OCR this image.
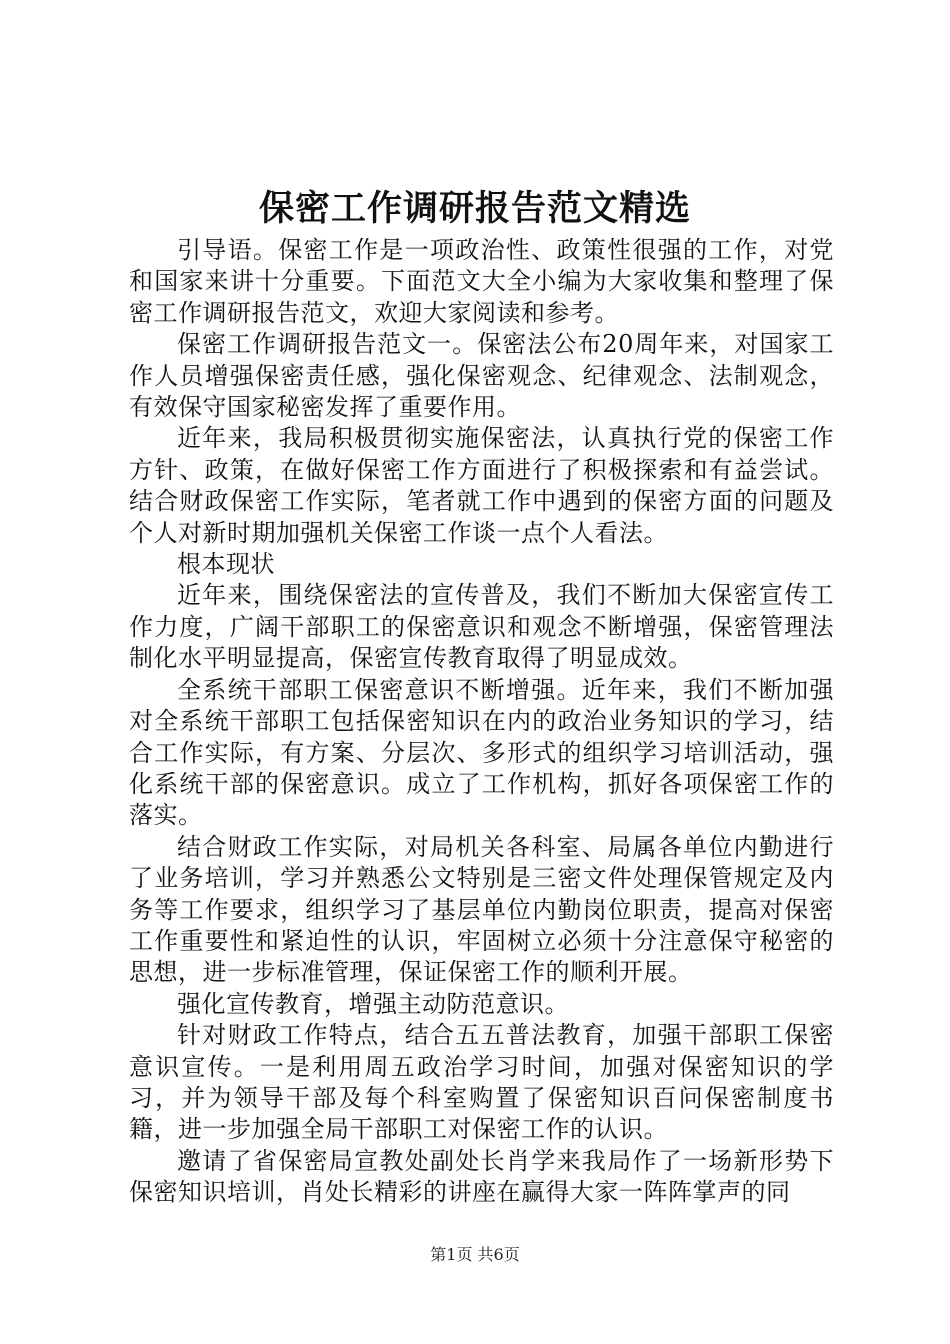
保密工作调研报告范文精选

引导语。保密工作是一项政治性、政策性很强的工作，对党和国家来讲十分重要。下面范文大全小编为大家收集和整理了保密工作调研报告范文，欢迎大家阅读和参考。

保密工作调研报告范文一。保密法公布20周年来，对国家工作人员增强保密责任感，强化保密观念、纪律观念、法制观念，有效保守国家秘密发挥了重要作用。

近年来，我局积极贯彻实施保密法，认真执行党的保密工作方针、政策，在做好保密工作方面进行了积极探索和有益尝试。结合财政保密工作实际，笔者就工作中遇到的保密方面的问题及个人对新时期加强机关保密工作谈一点个人看法。

根本现状

近年来，围绕保密法的宣传普及，我们不断加大保密宣传工作力度，广阔干部职工的保密意识和观念不断增强，保密管理法制化水平明显提高，保密宣传教育取得了明显成效。

全系统干部职工保密意识不断增强。近年来，我们不断加强对全系统干部职工包括保密知识在内的政治业务知识的学习，结合工作实际，有方案、分层次、多形式的组织学习培训活动，强化系统干部的保密意识。成立了工作机构，抓好各项保密工作的落实。

结合财政工作实际，对局机关各科室、局属各单位内勤进行了业务培训，学习并熟悉公文特别是三密文件处理保管规定及内务等工作要求，组织学习了基层单位内勤岗位职责，提高对保密工作重要性和紧迫性的认识，牢固树立必须十分注意保守秘密的思想，进一步标准管理，保证保密工作的顺利开展。

强化宣传教育，增强主动防范意识。

针对财政工作特点，结合五五普法教育，加强干部职工保密意识宣传。一是利用周五政治学习时间，加强对保密知识的学习，并为领导干部及每个科室购置了保密知识百问保密制度书籍，进一步加强全局干部职工对保密工作的认识。

邀请了省保密局宣教处副处长肖学来我局作了一场新形势下保密知识培训，肖处长精彩的讲座在赢得大家一阵阵掌声的同

第1页 共6页
